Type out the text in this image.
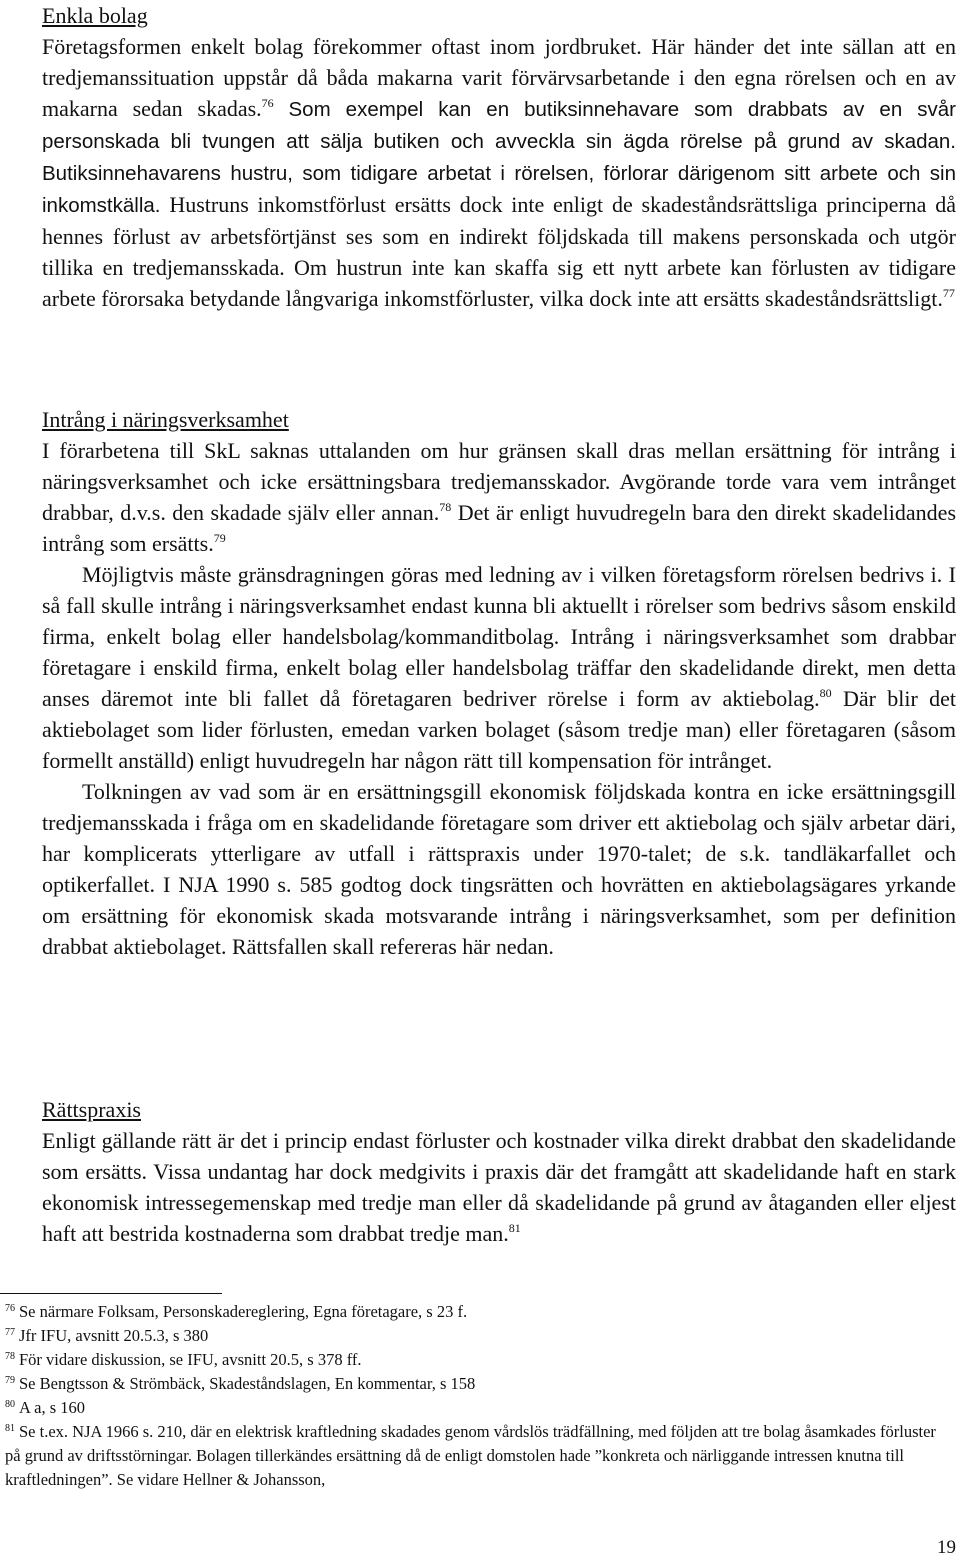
Enkla bolag

Företagsformen enkelt bolag förekommer oftast inom jordbruket. Här händer det inte sällan att en tredjemanssituation uppstår då båda makarna varit förvärvsarbetande i den egna rörelsen och en av makarna sedan skadas.$^{76}$ Som exempel kan en butiksinnehavare som drabbats av en svår personskada bli tvungen att sälja butiken och avveckla sin ägda rörelse på grund av skadan. Butiksinnehavarens hustru, som tidigare arbetat i rörelsen, förlorar därigenom sitt arbete och sin inkomstkälla. Hustruns inkomstförlust ersätts dock inte enligt de skadeståndsrättsliga principerna då hennes förlust av arbetsförtjänst ses som en indirekt följdskada till makens personskada och utgör tillika en tredjemansskada. Om hustrun inte kan skaffa sig ett nytt arbete kan förlusten av tidigare arbete förorsaka betydande långvariga inkomstförluster, vilka dock inte att ersätts skadeståndsrättsligt.$^{77}$

Intrång i näringsverksamhet

I förarbetena till SkL saknas uttalanden om hur gränsen skall dras mellan ersättning för intrång i näringsverksamhet och icke ersättningsbara tredjemansskador. Avgörande torde vara vem intrånget drabbar, d.v.s. den skadade själv eller annan.$^{78}$ Det är enligt huvudregeln bara den direkt skadelidandes intrång som ersätts.$^{79}$

Möjligtvis måste gränsdragningen göras med ledning av i vilken företagsform rörelsen bedrivs i. I så fall skulle intrång i näringsverksamhet endast kunna bli aktuellt i rörelser som bedrivs såsom enskild firma, enkelt bolag eller handelsbolag/kommanditbolag. Intrång i näringsverksamhet som drabbar företagare i enskild firma, enkelt bolag eller handelsbolag träffar den skadelidande direkt, men detta anses däremot inte bli fallet då företagaren bedriver rörelse i form av aktiebolag.$^{80}$ Där blir det aktiebolaget som lider förlusten, emedan varken bolaget (såsom tredje man) eller företagaren (såsom formellt anställd) enligt huvudregeln har någon rätt till kompensation för intrånget.

Tolkningen av vad som är en ersättningsgill ekonomisk följdskada kontra en icke ersättningsgill tredjemansskada i fråga om en skadelidande företagare som driver ett aktiebolag och själv arbetar däri, har komplicerats ytterligare av utfall i rättspraxis under 1970-talet; de s.k. tandläkarfallet och optikerfallet. I NJA 1990 s. 585 godtog dock tingsrätten och hovrätten en aktiebolagsägares yrkande om ersättning för ekonomisk skada motsvarande intrång i näringsverksamhet, som per definition drabbat aktiebolaget. Rättsfallen skall refereras här nedan.

Rättspraxis

Enligt gällande rätt är det i princip endast förluster och kostnader vilka direkt drabbat den skadelidande som ersätts. Vissa undantag har dock medgivits i praxis där det framgått att skadelidande haft en stark ekonomisk intressegemenskap med tredje man eller då skadelidande på grund av åtaganden eller eljest haft att bestrida kostnaderna som drabbat tredje man.$^{81}$

$^{76}$ Se närmare Folksam, Personskadereglering, Egna företagare, s 23 f.

$^{77}$ Jfr IFU, avsnitt 20.5.3, s 380

$^{78}$ För vidare diskussion, se IFU, avsnitt 20.5, s 378 ff.

$^{79}$ Se Bengtsson & Strömbäck, Skadeståndslagen, En kommentar, s 158

$^{80}$ A a, s 160

$^{81}$ Se t.ex. NJA 1966 s. 210, där en elektrisk kraftledning skadades genom vårdslös trädfällning, med följden att tre bolag åsamkades förluster på grund av driftsstörningar. Bolagen tillerkändes ersättning då de enligt domstolen hade ”konkreta och närliggande intressen knutna till kraftledningen”. Se vidare Hellner & Johansson,

19
